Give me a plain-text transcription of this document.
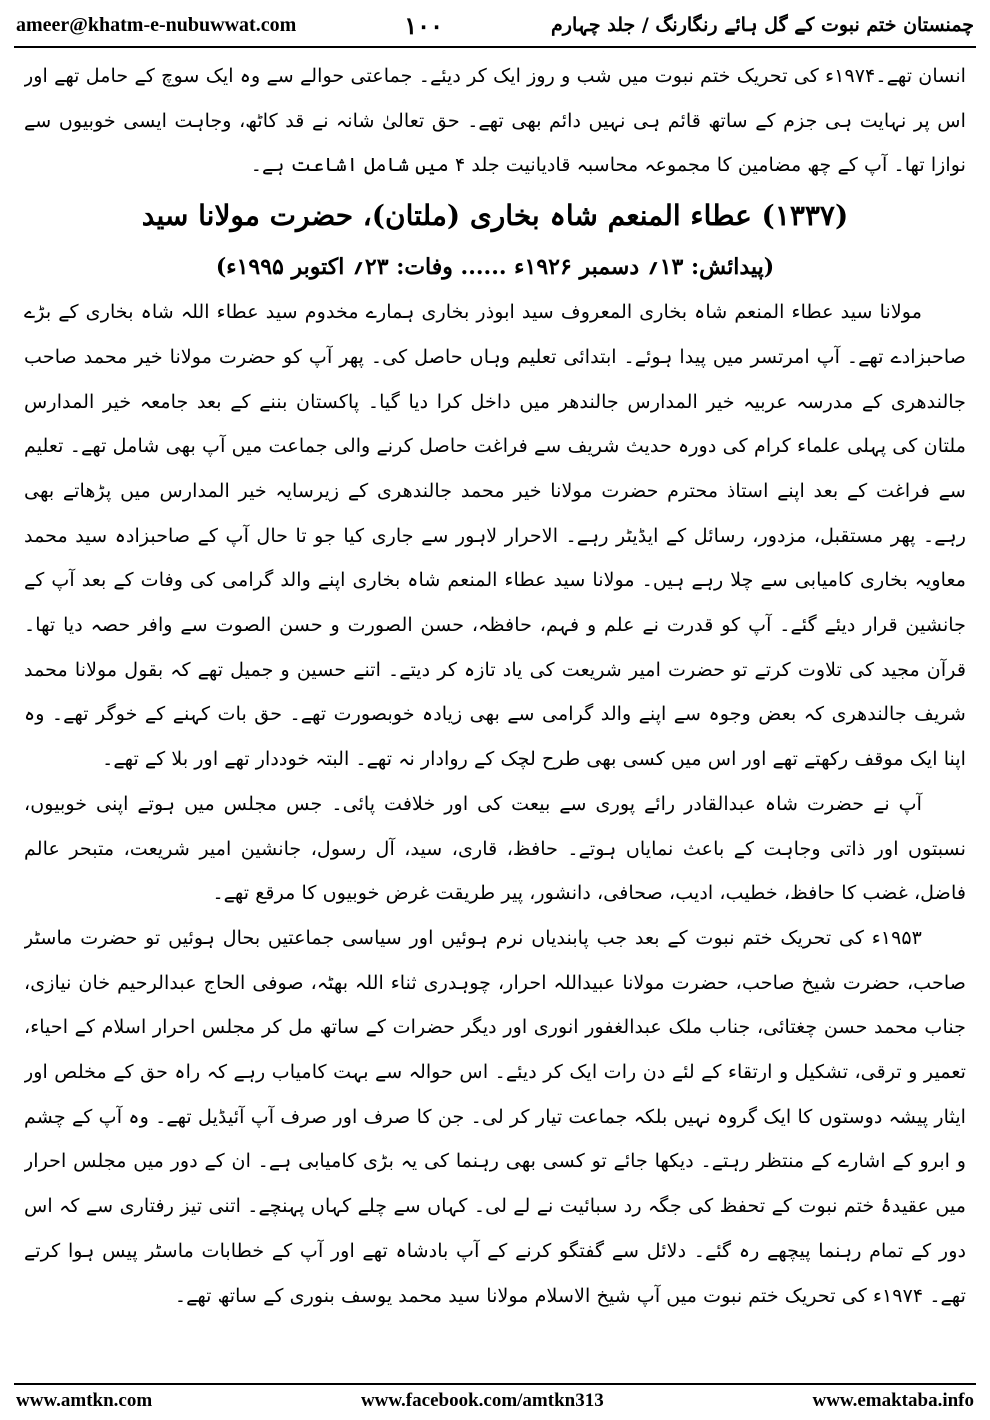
ameer@khatm-e-nubuwwat.com	۱۰۰	چمنستان ختم نبوت کے گل ہائے رنگارنگ / جلد چہارم

انسان تھے۔۱۹۷۴ء کی تحریک ختم نبوت میں شب و روز ایک کر دیئے۔ جماعتی حوالے سے وہ ایک سوچ کے حامل تھے اور اس پر نہایت ہی جزم کے ساتھ قائم ہی نہیں دائم بھی تھے۔ حق تعالیٰ شانہ نے قد کاٹھ، وجاہت ایسی خوبیوں سے نوازا تھا۔ آپ کے چھ مضامین کا مجموعہ محاسبہ قادیانیت جلد ۴ میں شامل اشاعت ہے۔

(۱۳۳۷) عطاء المنعم شاہ بخاری (ملتان)، حضرت مولانا سید
(پیدائش: ۱۳؍ دسمبر ۱۹۲۶ء ...... وفات: ۲۳؍ اکتوبر ۱۹۹۵ء)

مولانا سید عطاء المنعم شاہ بخاری المعروف سید ابوذر بخاری ہمارے مخدوم سید عطاء اللہ شاہ بخاری کے بڑے صاحبزادے تھے۔ آپ امرتسر میں پیدا ہوئے۔ ابتدائی تعلیم وہاں حاصل کی۔ پھر آپ کو حضرت مولانا خیر محمد صاحب جالندھری کے مدرسہ عربیہ خیر المدارس جالندھر میں داخل کرا دیا گیا۔ پاکستان بننے کے بعد جامعہ خیر المدارس ملتان کی پہلی علماء کرام کی دورہ حدیث شریف سے فراغت حاصل کرنے والی جماعت میں آپ بھی شامل تھے۔ تعلیم سے فراغت کے بعد اپنے استاذ محترم حضرت مولانا خیر محمد جالندھری کے زیرسایہ خیر المدارس میں پڑھاتے بھی رہے۔ پھر مستقبل، مزدور، رسائل کے ایڈیٹر رہے۔ الاحرار لاہور سے جاری کیا جو تا حال آپ کے صاحبزادہ سید محمد معاویہ بخاری کامیابی سے چلا رہے ہیں۔ مولانا سید عطاء المنعم شاہ بخاری اپنے والد گرامی کی وفات کے بعد آپ کے جانشین قرار دیئے گئے۔ آپ کو قدرت نے علم و فہم، حافظہ، حسن الصورت و حسن الصوت سے وافر حصہ دیا تھا۔ قرآن مجید کی تلاوت کرتے تو حضرت امیر شریعت کی یاد تازہ کر دیتے۔ اتنے حسین و جمیل تھے کہ بقول مولانا محمد شریف جالندھری کہ بعض وجوہ سے اپنے والد گرامی سے بھی زیادہ خوبصورت تھے۔ حق بات کہنے کے خوگر تھے۔ وہ اپنا ایک موقف رکھتے تھے اور اس میں کسی بھی طرح لچک کے روادار نہ تھے۔ البتہ خوددار تھے اور بلا کے تھے۔

آپ نے حضرت شاہ عبدالقادر رائے پوری سے بیعت کی اور خلافت پائی۔ جس مجلس میں ہوتے اپنی خوبیوں، نسبتوں اور ذاتی وجاہت کے باعث نمایاں ہوتے۔ حافظ، قاری، سید، آل رسول، جانشین امیر شریعت، متبحر عالم فاضل، غضب کا حافظ، خطیب، ادیب، صحافی، دانشور، پیر طریقت غرض خوبیوں کا مرقع تھے۔

۱۹۵۳ء کی تحریک ختم نبوت کے بعد جب پابندیاں نرم ہوئیں اور سیاسی جماعتیں بحال ہوئیں تو حضرت ماسٹر صاحب، حضرت شیخ صاحب، حضرت مولانا عبیداللہ احرار، چوہدری ثناء اللہ بھٹہ، صوفی الحاج عبدالرحیم خان نیازی، جناب محمد حسن چغتائی، جناب ملک عبدالغفور انوری اور دیگر حضرات کے ساتھ مل کر مجلس احرار اسلام کے احیاء، تعمیر و ترقی، تشکیل و ارتقاء کے لئے دن رات ایک کر دیئے۔ اس حوالہ سے بہت کامیاب رہے کہ راہ حق کے مخلص اور ایثار پیشہ دوستوں کا ایک گروہ نہیں بلکہ جماعت تیار کر لی۔ جن کا صرف اور صرف آپ آئیڈیل تھے۔ وہ آپ کے چشم و ابرو کے اشارے کے منتظر رہتے۔ دیکھا جائے تو کسی بھی رہنما کی یہ بڑی کامیابی ہے۔ ان کے دور میں مجلس احرار میں عقیدۂ ختم نبوت کے تحفظ کی جگہ رد سبائیت نے لے لی۔ کہاں سے چلے کہاں پہنچے۔ اتنی تیز رفتاری سے کہ اس دور کے تمام رہنما پیچھے رہ گئے۔ دلائل سے گفتگو کرنے کے آپ بادشاہ تھے اور آپ کے خطابات ماسٹر پیس ہوا کرتے تھے۔ ۱۹۷۴ء کی تحریک ختم نبوت میں آپ شیخ الاسلام مولانا سید محمد یوسف بنوری کے ساتھ تھے۔

www.amtkn.com	www.facebook.com/amtkn313	www.emaktaba.info
